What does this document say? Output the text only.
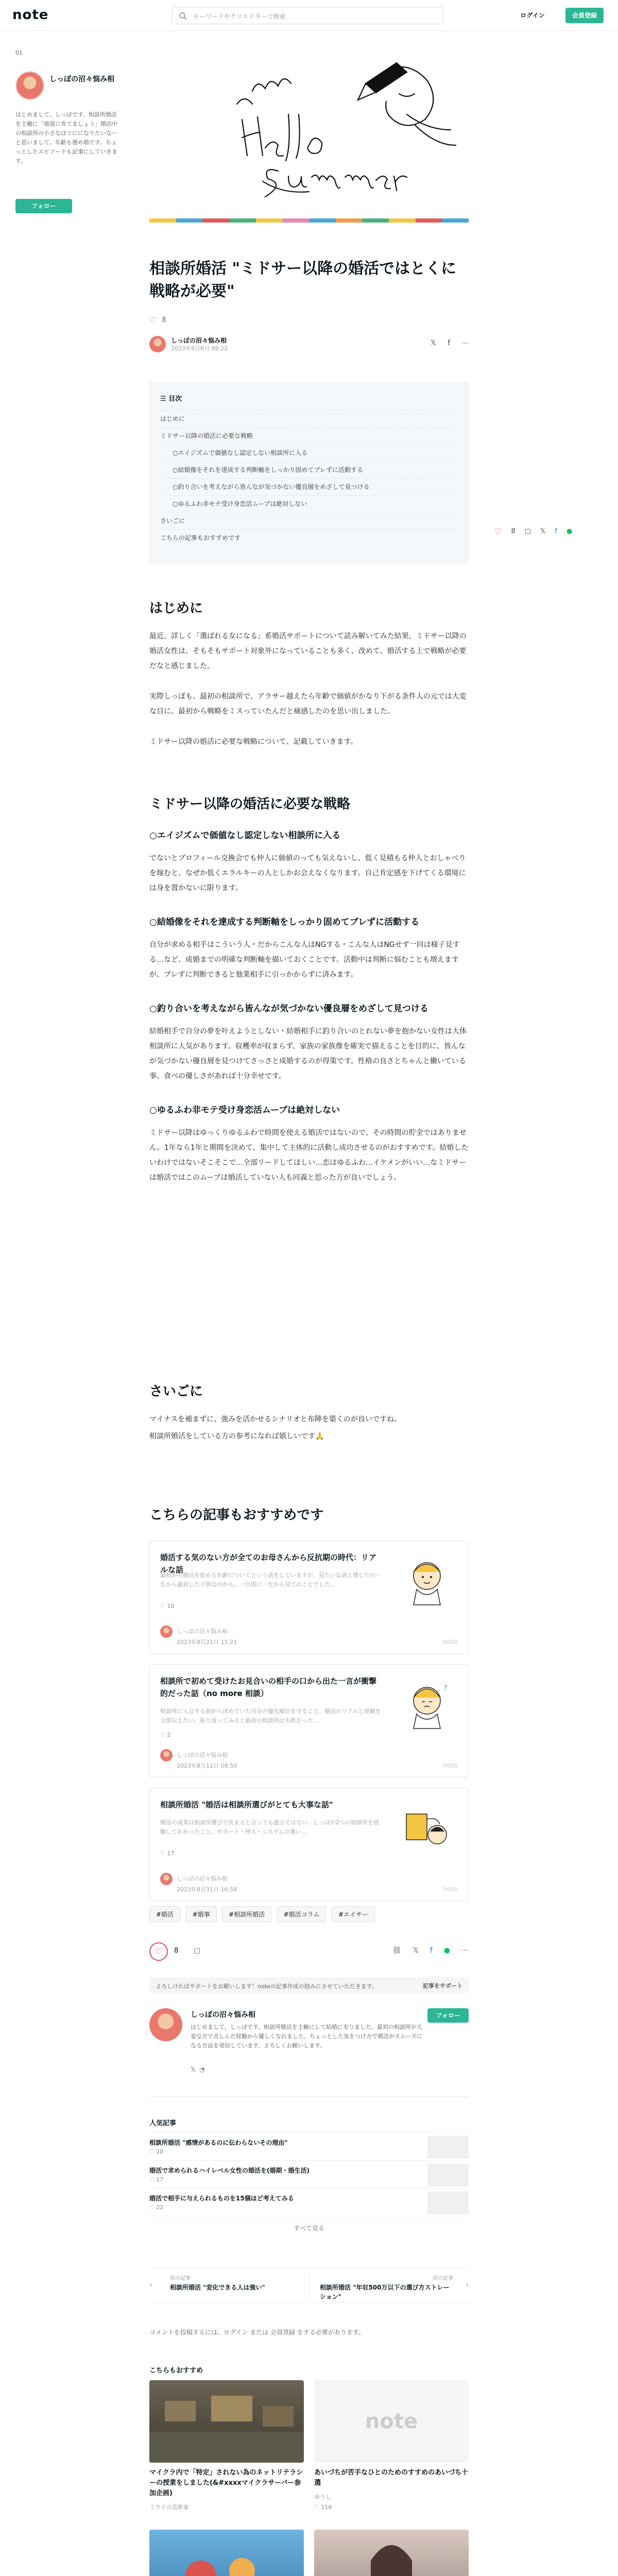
note	キーワードやクリエイターで検索	ログイン	会員登録
01
しっぽの沼々悩み相
はじめまして。しっぽです。相談所婚活を主軸に「地道に育てましょう」婚活中の相談所の小さなほうにになりたいなーと思いまして。年齢も遅め婚です。ちょっとしたエピソードも記事にしていきます。
フォロー
相談所婚活 "ミドサー以降の婚活ではとくに戦略が必要"
♡ 8
しっぽの沼々悩み相
2023年9月6日 09:22
𝕏 f ⋯
☰ 目次
はじめに
ミドサー以降の婚活に必要な戦略
○エイジズムで価値なし認定しない相談所に入る
○結婚像をそれを達成する判断軸をしっかり固めてブレずに活動する
○釣り合いを考えながら皆んなが気づかない優良層をめざして見つける
○ゆるふわ非モテ受け身恋活ムーブは絶対しない
さいごに
こちらの記事もおすすめです
はじめに

最近、詳しく「選ばれる女になる」系婚活サポートについて読み解いてみた結果、ミドサー以降の婚活女性は、そもそもサポート対象外になっていることも多く、改めて、婚活する上で戦略が必要だなと感じました。

実際しっぽも、最初の相談所で、アラサー越えたら年齢で価値がかなり下がる条件人の元では大変な目に。最初から戦略をミスっていたんだと痛感したのを思い出しました。

ミドサー以降の婚活に必要な戦略について、記載していきます。

ミドサー以降の婚活に必要な戦略
○エイジズムで価値なし認定しない相談所に入る

でないとプロフィール交換会でも仲人に価値のっても気えないし、低く見積もる仲人とおしゃべりを嫁むと、なぜか低くエラルキーの人としかお会えなくなります。自己肯定感を下げてくる環境には身を置かないに限ります。

○結婚像をそれを達成する判断軸をしっかり固めてブレずに活動する

自分が求める相手はこういう人・だからこんな人はNGする・こんな人はNGせず一回は様子見する…など、成婚までの明確な判断軸を描いておくことです。活動中は判断に悩むことも増えますが、ブレずに判断できると他業相手に引っかからずに済みます。

○釣り合いを考えながら皆んなが気づかない優良層をめざして見つける

結婚相手で自分の夢を叶えようとしない・結婚相手に釣り合いのとれない夢を抱かない女性は大体相談所に人気があります。収穫率が収まらず、家族の家族像を確実で描えることを目的に、皆んなが気づかない優良層を見つけてさっさと成婚するのが得策です。性格の良さとちゃんと働いている事、食べの優しさがあれば十分幸せです。

○ゆるふわ非モテ受け身恋活ムーブは絶対しない

ミドサー以降はゆっくりゆるふわで時間を使える婚活ではないので、その時間の貯金ではありません。1年なら1年と期間を決めて、集中して主体的に活動し成功させるのがおすすめです。結婚したいわけではないそこそこで…全部リードしてほしい…恋はゆるふわ…イケメンがいい…なミドサーは婚活ではこのムーブは婚活していない人も同義と思った方が良いでしょう。

さいごに

マイナスを補まずに、強みを活かせるシナリオと布陣を築くのが良いですね。

相談所婚活をしている方の参考になれば嬉しいです🙏

こちらの記事もおすすめです
♡ 8 ▢ 𝕏 f ●
婚活する気のない方が全てのお母さんから反抗期の時代：リアルな話
最初から婚活を始める年齢についてという話をしていますが、見たいな話と感じたの一生から最初した子供なのかも。一旦的に一生から見てのことでした...
♡ 10
しっぽの沼々悩み相
2023年8月21日 11:21	note
相談所で初めて受けたお見合いの相手の口から出た一言が衝撃的だった話（no more 相談）
相談所に入会する前から決めていた自分の優先順位を守ること。婚活のリアルと経験を全部伝えたい。振り返ってみると最初の相談所は失敗だった...
?
♡ 2
しっぽの沼々悩み相
2023年8月11日 08:50	note
相談所婚活 "婚活は相談所選びがとても大事な話"
婚活の成果は相談所選びで決まると言っても過言ではない。しっぽが2つの相談所を経験してわかったこと。サポート・仲人・システムの違い...
♡ 17
しっぽの沼々悩み相
2023年8月31日 16:58	note
#婚活	#婚事	#相談所婚活	#婚活コラム	#エイサー
♡	8 ▢	⛓ 𝕏 f ● ⋯
よろしければサポートをお願いします！noteの記事作成の励みにさせていただきます。	記事をサポート
しっぽの沼々悩み相
はじめまして。しっぽです。相談所婚活を主軸にして結婚に至りました。最初の相談所が大変な方で苦しんだ経験から優しくなれました。ちょっとした気をつけ方で婚活がスムーズになる方法を発信しています。よろしくお願いします。
フォロー
𝕏 ◔
人気記事
相談所婚活 "感情があるのに伝わらないその理由"
♡ 28
婚活で求められるハイレベル女性の婚活を(婚期・婚生活)
♡ 17
婚活で相手に与えられるものを15個ほど考えてみる
♡ 22
すべて見る
‹
前の記事
相談所婚活 "変化できる人は強い"
次の記事
相談所婚活 "年収500万以下の選び方ストレーション"
›
コメントを投稿するには、ログイン または 会員登録 をする必要があります。
こちらもおすすめ
マイクラ内で「特定」されない為のネットリテラシーの授業をしました(&#xxxxマイクラサーバー参加企画)
ミライの芸術家
note
あいづちが苦手なひとのためのすすめのあいづち十選
ゆうし
♡ 116
